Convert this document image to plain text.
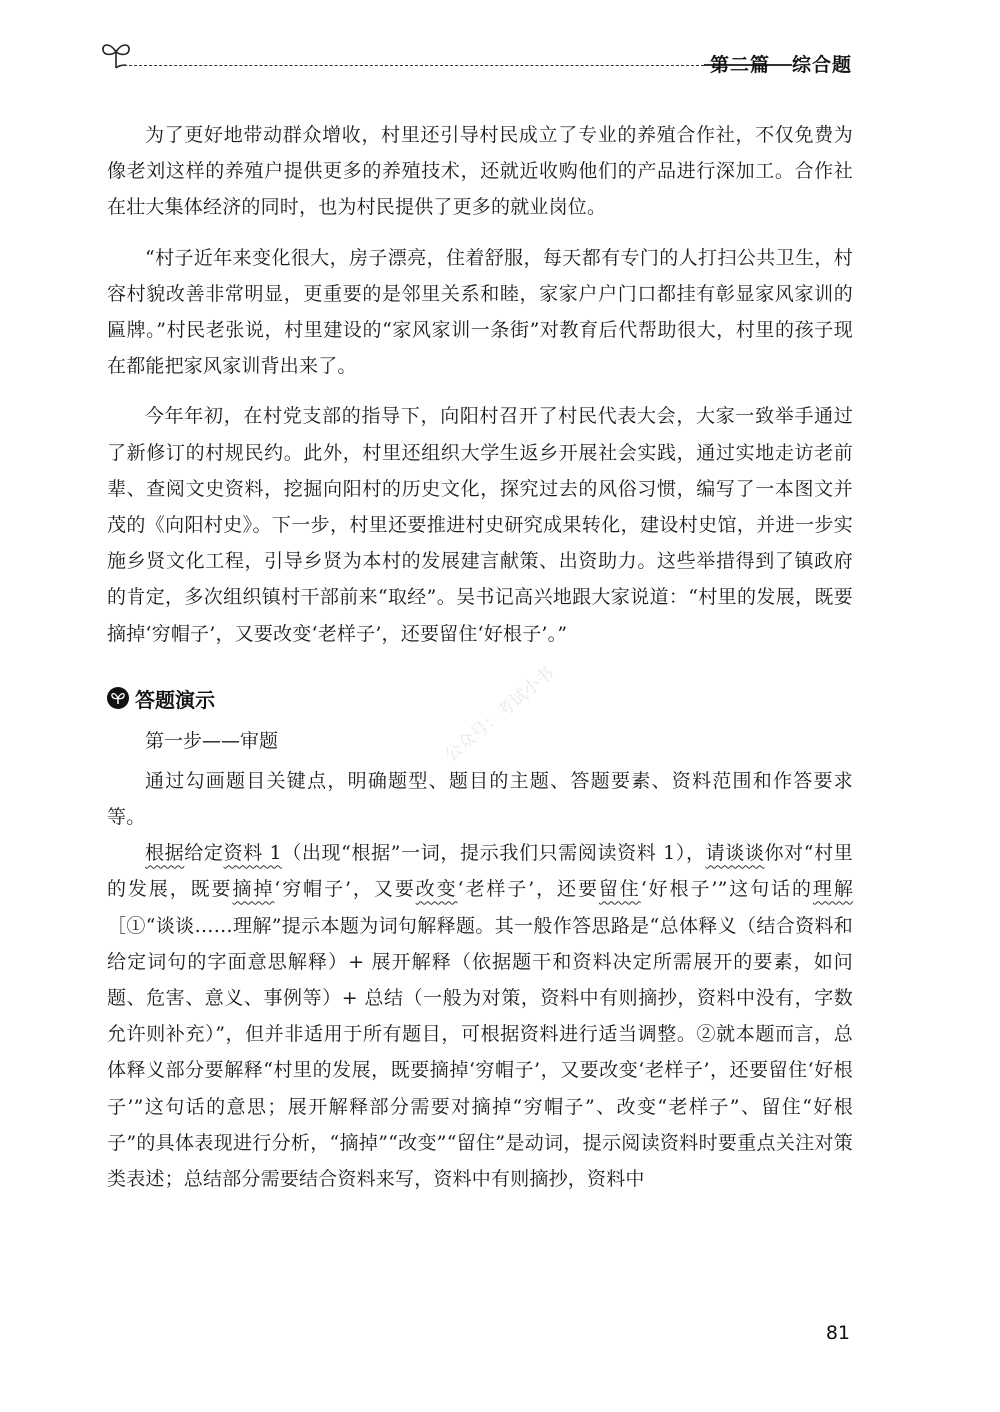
第二篇 综合题

为了更好地带动群众增收，村里还引导村民成立了专业的养殖合作社，不仅免费为像老刘这样的养殖户提供更多的养殖技术，还就近收购他们的产品进行深加工。合作社在壮大集体经济的同时，也为村民提供了更多的就业岗位。

“村子近年来变化很大，房子漂亮，住着舒服，每天都有专门的人打扫公共卫生，村容村貌改善非常明显，更重要的是邻里关系和睦，家家户户门口都挂有彰显家风家训的匾牌。”村民老张说，村里建设的“家风家训一条街”对教育后代帮助很大，村里的孩子现在都能把家风家训背出来了。

今年年初，在村党支部的指导下，向阳村召开了村民代表大会，大家一致举手通过了新修订的村规民约。此外，村里还组织大学生返乡开展社会实践，通过实地走访老前辈、查阅文史资料，挖掘向阳村的历史文化，探究过去的风俗习惯，编写了一本图文并茂的《向阳村史》。下一步，村里还要推进村史研究成果转化，建设村史馆，并进一步实施乡贤文化工程，引导乡贤为本村的发展建言献策、出资助力。这些举措得到了镇政府的肯定，多次组织镇村干部前来“取经”。吴书记高兴地跟大家说道：“村里的发展，既要摘掉‘穷帽子’，又要改变‘老样子’，还要留住‘好根子’。”

答题演示
第一步——审题

通过勾画题目关键点，明确题型、题目的主题、答题要素、资料范围和作答要求等。

根据给定资料 1（出现“根据”一词，提示我们只需阅读资料 1），请谈谈你对“村里的发展，既要摘掉‘穷帽子’，又要改变‘老样子’，还要留住‘好根子’”这句话的理解［①“谈谈……理解”提示本题为词句解释题。其一般作答思路是“总体释义（结合资料和给定词句的字面意思解释）+ 展开解释（依据题干和资料决定所需展开的要素，如问题、危害、意义、事例等）+ 总结（一般为对策，资料中有则摘抄，资料中没有，字数允许则补充）”，但并非适用于所有题目，可根据资料进行适当调整。②就本题而言，总体释义部分要解释“村里的发展，既要摘掉‘穷帽子’，又要改变‘老样子’，还要留住‘好根子’”这句话的意思；展开解释部分需要对摘掉“穷帽子”、改变“老样子”、留住“好根子”的具体表现进行分析，“摘掉”“改变”“留住”是动词，提示阅读资料时要重点关注对策类表述；总结部分需要结合资料来写，资料中有则摘抄，资料中

公众号：考试小书
81
